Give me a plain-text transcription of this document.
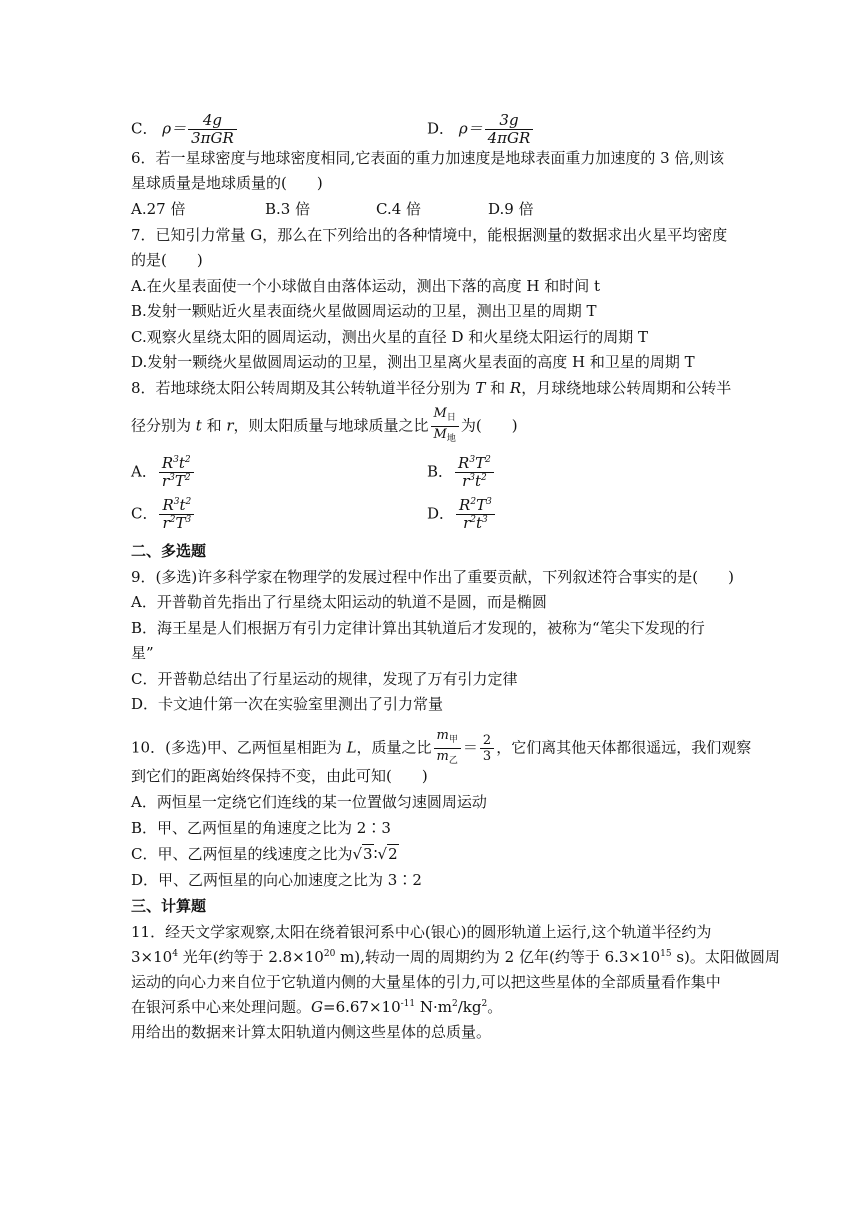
C． $\rho= \frac{4g}{\text{3πGR}}$	D． $\rho= \frac{3g}{\text{4πGR}}$
6．若一星球密度与地球密度相同,它表面的重力加速度是地球表面重力加速度的 3 倍,则该
星球质量是地球质量的(　　)
A.27 倍	B.3 倍	C.4 倍	D.9 倍
7．已知引力常量 G，那么在下列给出的各种情境中，能根据测量的数据求出火星平均密度
的是(　　)
A.在火星表面使一个小球做自由落体运动，测出下落的高度 H 和时间 t
B.发射一颗贴近火星表面绕火星做圆周运动的卫星，测出卫星的周期 T
C.观察火星绕太阳的圆周运动，测出火星的直径 D 和火星绕太阳运行的周期 T
D.发射一颗绕火星做圆周运动的卫星，测出卫星离火星表面的高度 H 和卫星的周期 T
8．若地球绕太阳公转周期及其公转轨道半径分别为 T 和 R，月球绕地球公转周期和公转半
径分别为 t 和 r，则太阳质量与地球质量之比 $\frac{M_日}{M_地}$ 为(　　)
A． $\frac{R^3t^2}{r^3T^2}$	B． $\frac{R^3T^2}{r^3t^2}$
C． $\frac{R^3t^2}{r^2T^3}$	D． $\frac{R^2T^3}{r^2t^3}$
二、多选题
9．(多选)许多科学家在物理学的发展过程中作出了重要贡献，下列叙述符合事实的是(　　)
A．开普勒首先指出了行星绕太阳运动的轨道不是圆，而是椭圆
B．海王星是人们根据万有引力定律计算出其轨道后才发现的，被称为“笔尖下发现的行
星”
C．开普勒总结出了行星运动的规律，发现了万有引力定律
D．卡文迪什第一次在实验室里测出了引力常量
10．(多选)甲、乙两恒星相距为 L，质量之比 $\frac{m_甲}{m_乙} = \frac{2}{3}$ ，它们离其他天体都很遥远，我们观察
到它们的距离始终保持不变，由此可知(　　)
A．两恒星一定绕它们连线的某一位置做匀速圆周运动
B．甲、乙两恒星的角速度之比为 2∶3
C．甲、乙两恒星的线速度之比为√3∶√2
D．甲、乙两恒星的向心加速度之比为 3∶2
三、计算题
11．经天文学家观察,太阳在绕着银河系中心(银心)的圆形轨道上运行,这个轨道半径约为
$3\times 10^4$ 光年(约等于 $2.8\times 10^{20}$ m),转动一周的周期约为 2 亿年(约等于 $6.3\times 10^{15}$ s)。太阳做圆周
运动的向心力来自位于它轨道内侧的大量星体的引力,可以把这些星体的全部质量看作集中
在银河系中心来处理问题。$G=6.67\times 10^{-11}$ $N\cdot m^2/kg^2$。
用给出的数据来计算太阳轨道内侧这些星体的总质量。
